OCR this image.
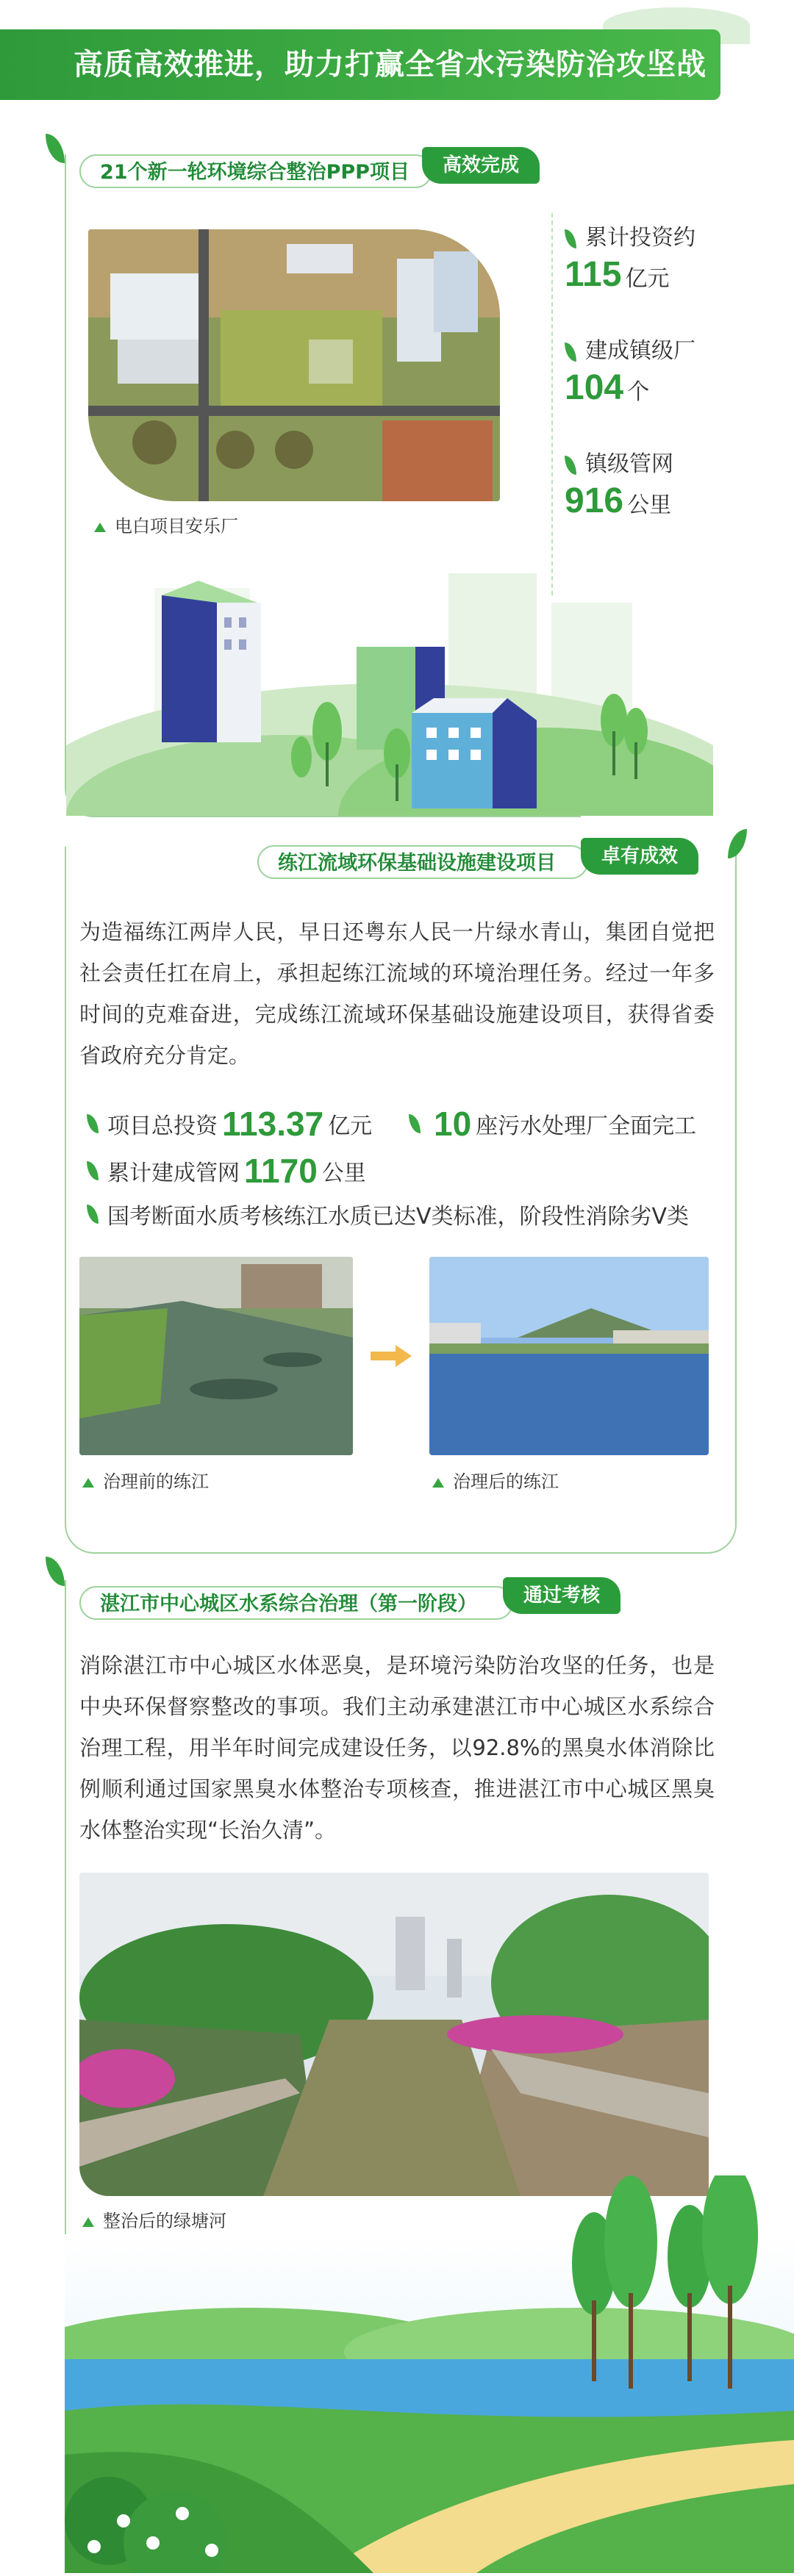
高质高效推进，助力打赢全省水污染防治攻坚战
21个新一轮环境综合整治PPP项目	高效完成
电白项目安乐厂
累计投资约
115 亿元
建成镇级厂
104 个
镇级管网
916 公里
练江流域环保基础设施建设项目	卓有成效
为造福练江两岸人民，早日还粤东人民一片绿水青山，集团自觉把社会责任扛在肩上，承担起练江流域的环境治理任务。经过一年多时间的克难奋进，完成练江流域环保基础设施建设项目，获得省委省政府充分肯定。
项目总投资 113.37 亿元 10 座污水处理厂全面完工
累计建成管网 1170 公里
国考断面水质考核练江水质已达V类标准，阶段性消除劣V类
治理前的练江	治理后的练江
湛江市中心城区水系综合治理（第一阶段）	通过考核
消除湛江市中心城区水体恶臭，是环境污染防治攻坚的任务，也是中央环保督察整改的事项。我们主动承建湛江市中心城区水系综合治理工程，用半年时间完成建设任务，以92.8%的黑臭水体消除比例顺利通过国家黑臭水体整治专项核查，推进湛江市中心城区黑臭水体整治实现“长治久清”。
整治后的绿塘河
大众印刷
